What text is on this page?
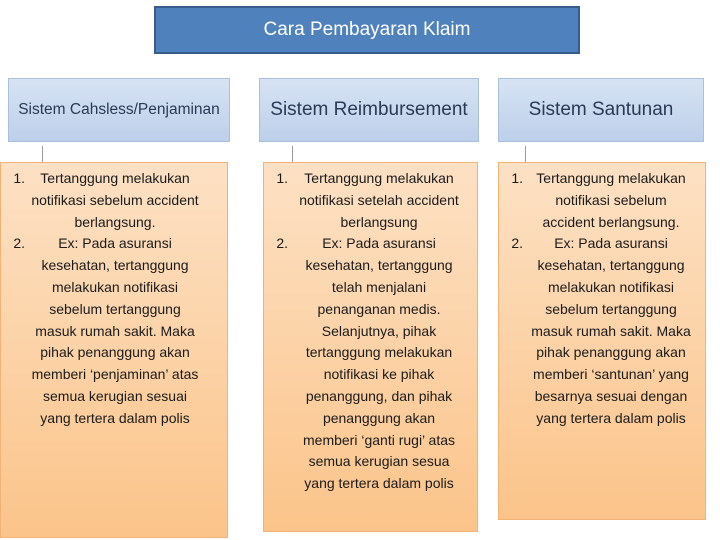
Cara Pembayaran Klaim
Sistem Cahsless/Penjaminan
1.	Tertanggung melakukan notifikasi sebelum accident berlangsung.
2.	Ex: Pada asuransi kesehatan, tertanggung melakukan notifikasi sebelum tertanggung masuk rumah sakit. Maka pihak penanggung akan memberi ‘penjaminan’ atas semua kerugian sesuai yang tertera dalam polis
Sistem Reimbursement
1.	Tertanggung melakukan notifikasi setelah accident berlangsung
2.	Ex: Pada asuransi kesehatan, tertanggung telah menjalani penanganan medis. Selanjutnya, pihak tertanggung melakukan notifikasi ke pihak penanggung, dan pihak penanggung akan memberi ‘ganti rugi’ atas semua kerugian sesua yang tertera dalam polis
Sistem Santunan
1. Tertanggung melakukan notifikasi sebelum accident berlangsung.
2.	Ex: Pada asuransi kesehatan, tertanggung melakukan notifikasi sebelum tertanggung masuk rumah sakit. Maka pihak penanggung akan memberi ‘santunan’ yang besarnya sesuai dengan yang tertera dalam polis
